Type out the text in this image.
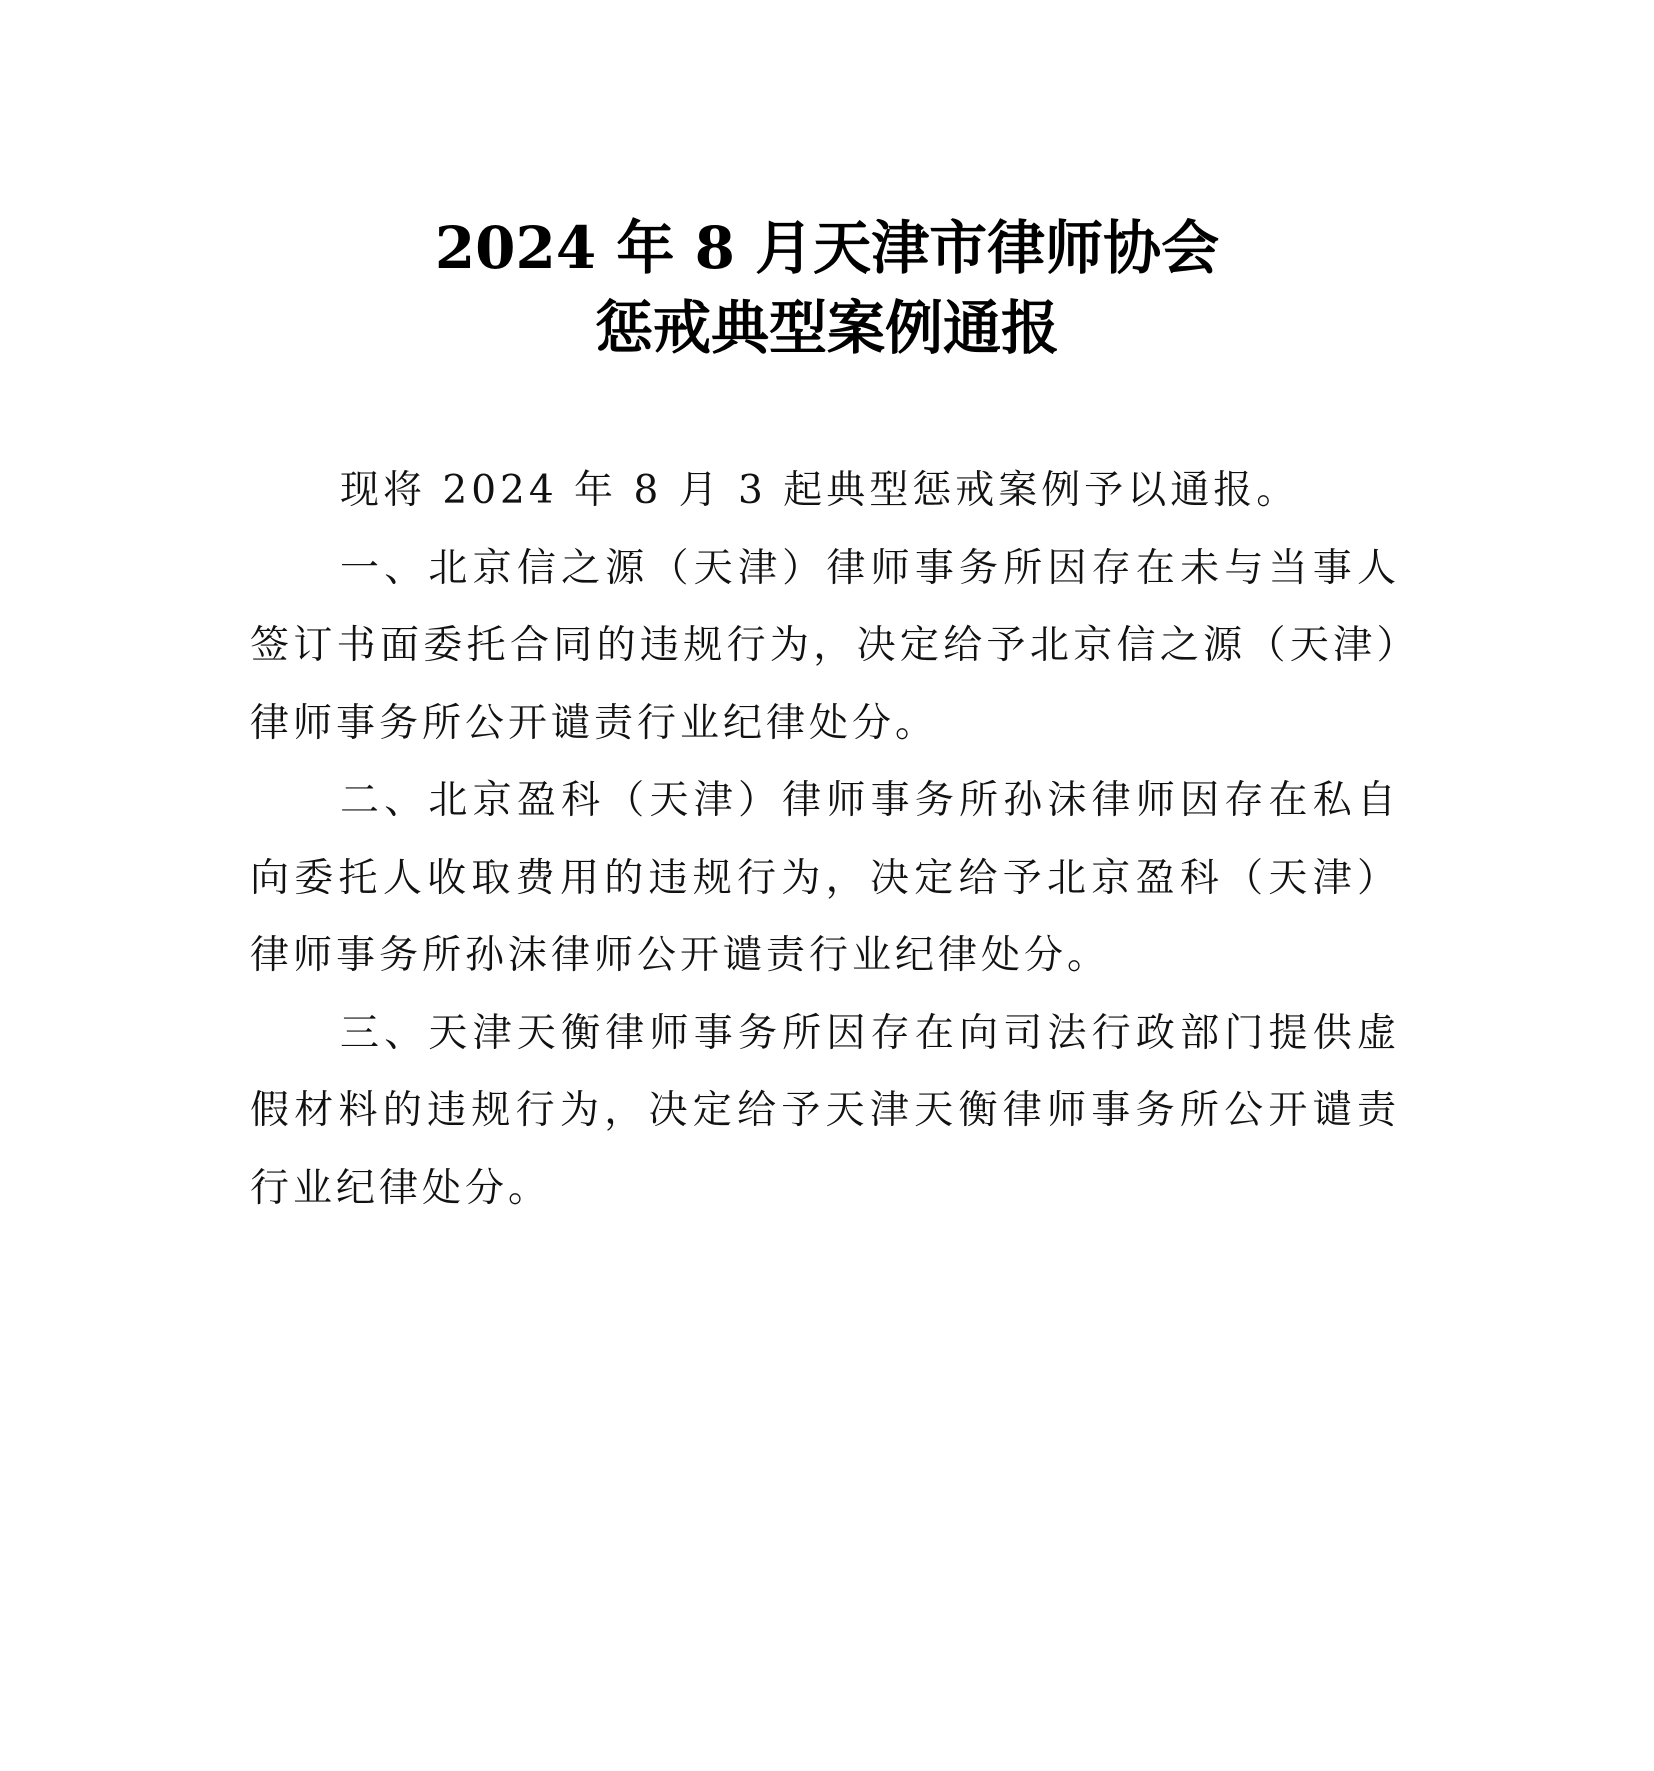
2024 年 8 月天津市律师协会
惩戒典型案例通报

现将 2024 年 8 月 3 起典型惩戒案例予以通报。

一、北京信之源（天津）律师事务所因存在未与当事人签订书面委托合同的违规行为，决定给予北京信之源（天津）律师事务所公开谴责行业纪律处分。

二、北京盈科（天津）律师事务所孙沫律师因存在私自向委托人收取费用的违规行为，决定给予北京盈科（天津）律师事务所孙沫律师公开谴责行业纪律处分。

三、天津天衡律师事务所因存在向司法行政部门提供虚假材料的违规行为，决定给予天津天衡律师事务所公开谴责行业纪律处分。
